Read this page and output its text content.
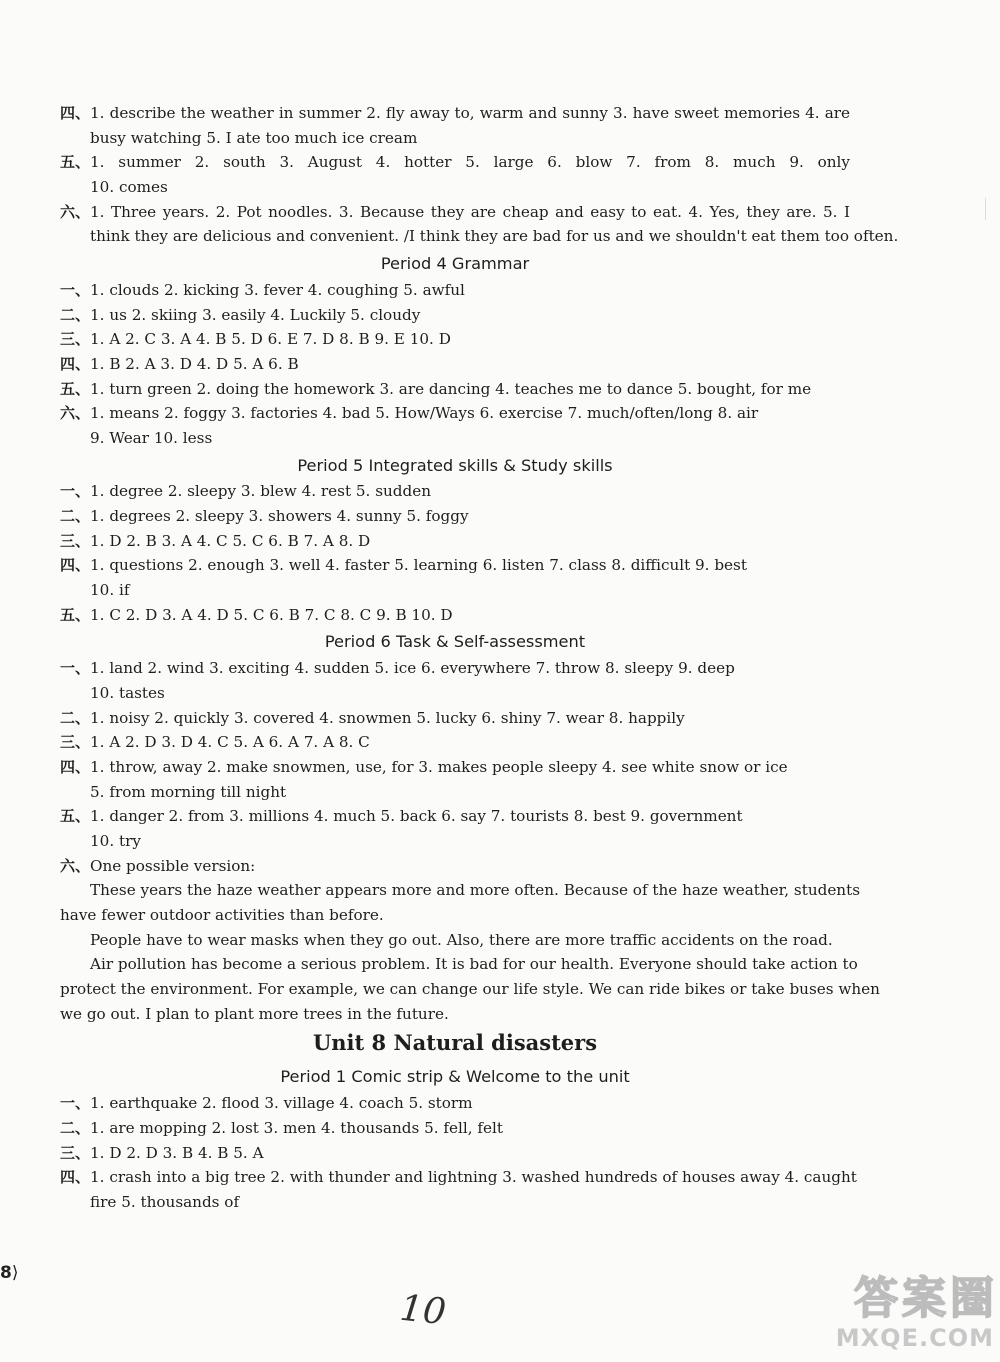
四、 1. describe the weather in summer 2. fly away to, warm and sunny 3. have sweet memories 4. are
busy watching 5. I ate too much ice cream
五、 1. summer 2. south 3. August 4. hotter 5. large 6. blow 7. from 8. much 9. only
10. comes
六、 1. Three years. 2. Pot noodles. 3. Because they are cheap and easy to eat. 4. Yes, they are. 5. I
think they are delicious and convenient. /I think they are bad for us and we shouldn't eat them too often.
Period 4 Grammar
一、 1. clouds 2. kicking 3. fever 4. coughing 5. awful
二、 1. us 2. skiing 3. easily 4. Luckily 5. cloudy
三、 1. A 2. C 3. A 4. B 5. D 6. E 7. D 8. B 9. E 10. D
四、 1. B 2. A 3. D 4. D 5. A 6. B
五、 1. turn green 2. doing the homework 3. are dancing 4. teaches me to dance 5. bought, for me
六、 1. means 2. foggy 3. factories 4. bad 5. How/Ways 6. exercise 7. much/often/long 8. air
9. Wear 10. less
Period 5 Integrated skills & Study skills
一、 1. degree 2. sleepy 3. blew 4. rest 5. sudden
二、 1. degrees 2. sleepy 3. showers 4. sunny 5. foggy
三、 1. D 2. B 3. A 4. C 5. C 6. B 7. A 8. D
四、 1. questions 2. enough 3. well 4. faster 5. learning 6. listen 7. class 8. difficult 9. best
10. if
五、 1. C 2. D 3. A 4. D 5. C 6. B 7. C 8. C 9. B 10. D
Period 6 Task & Self-assessment
一、 1. land 2. wind 3. exciting 4. sudden 5. ice 6. everywhere 7. throw 8. sleepy 9. deep
10. tastes
二、 1. noisy 2. quickly 3. covered 4. snowmen 5. lucky 6. shiny 7. wear 8. happily
三、 1. A 2. D 3. D 4. C 5. A 6. A 7. A 8. C
四、 1. throw, away 2. make snowmen, use, for 3. makes people sleepy 4. see white snow or ice
5. from morning till night
五、 1. danger 2. from 3. millions 4. much 5. back 6. say 7. tourists 8. best 9. government
10. try
六、 One possible version:
These years the haze weather appears more and more often. Because of the haze weather, students
have fewer outdoor activities than before.
People have to wear masks when they go out. Also, there are more traffic accidents on the road.
Air pollution has become a serious problem. It is bad for our health. Everyone should take action to
protect the environment. For example, we can change our life style. We can ride bikes or take buses when
we go out. I plan to plant more trees in the future.
Unit 8 Natural disasters
Period 1 Comic strip & Welcome to the unit
一、 1. earthquake 2. flood 3. village 4. coach 5. storm
二、 1. are mopping 2. lost 3. men 4. thousands 5. fell, felt
三、 1. D 2. D 3. B 4. B 5. A
四、 1. crash into a big tree 2. with thunder and lightning 3. washed hundreds of houses away 4. caught
fire 5. thousands of
8⟩
10	答案圈
MXQE.COM
